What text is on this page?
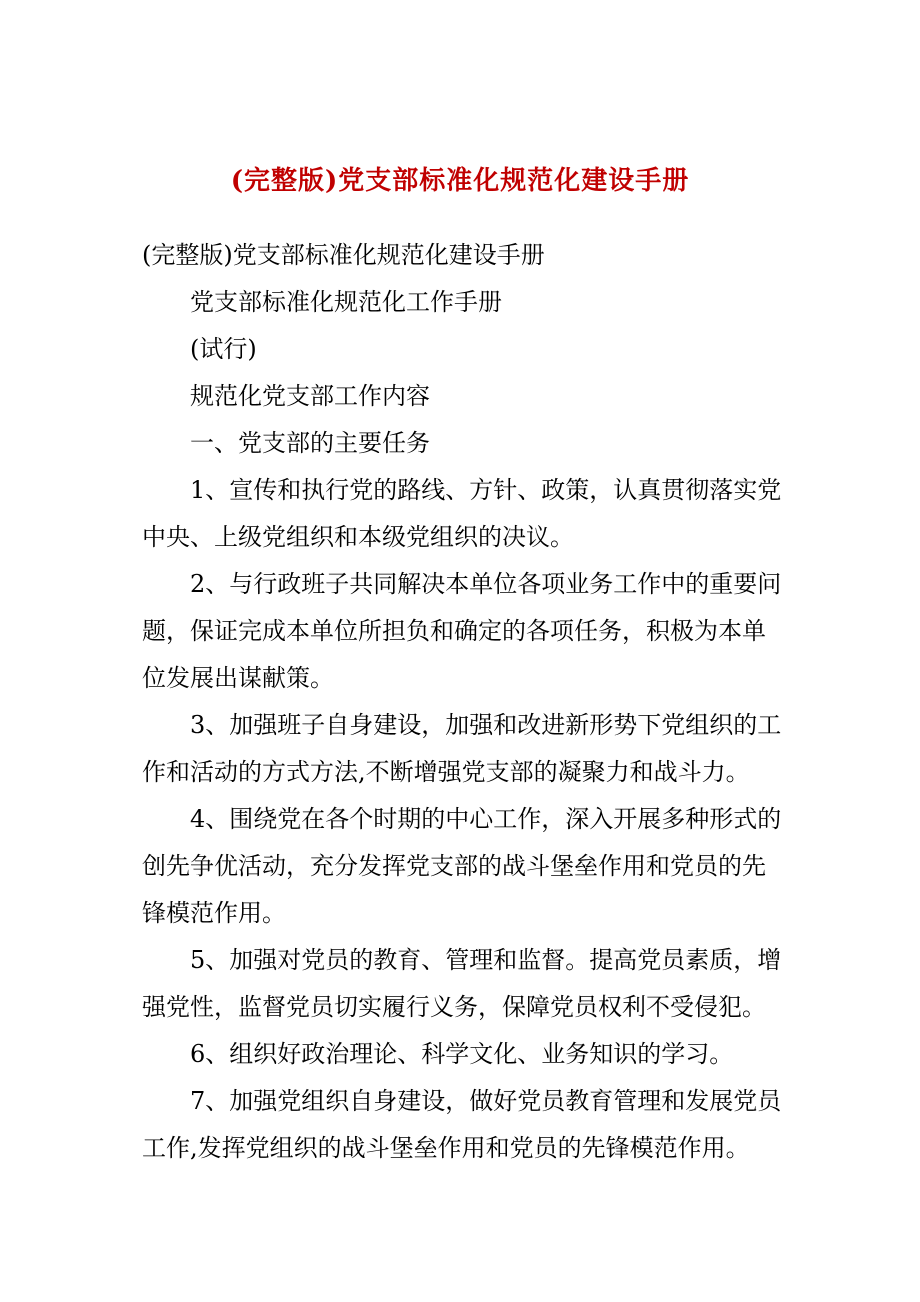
(完整版)党支部标准化规范化建设手册

(完整版)党支部标准化规范化建设手册

党支部标准化规范化工作手册

(试行)

规范化党支部工作内容

一、党支部的主要任务

1、宣传和执行党的路线、方针、政策，认真贯彻落实党中央、上级党组织和本级党组织的决议。

2、与行政班子共同解决本单位各项业务工作中的重要问题，保证完成本单位所担负和确定的各项任务，积极为本单位发展出谋献策。

3、加强班子自身建设，加强和改进新形势下党组织的工作和活动的方式方法,不断增强党支部的凝聚力和战斗力。

4、围绕党在各个时期的中心工作，深入开展多种形式的创先争优活动，充分发挥党支部的战斗堡垒作用和党员的先锋模范作用。

5、加强对党员的教育、管理和监督。提高党员素质，增强党性，监督党员切实履行义务，保障党员权利不受侵犯。

6、组织好政治理论、科学文化、业务知识的学习。

7、加强党组织自身建设，做好党员教育管理和发展党员工作,发挥党组织的战斗堡垒作用和党员的先锋模范作用。
